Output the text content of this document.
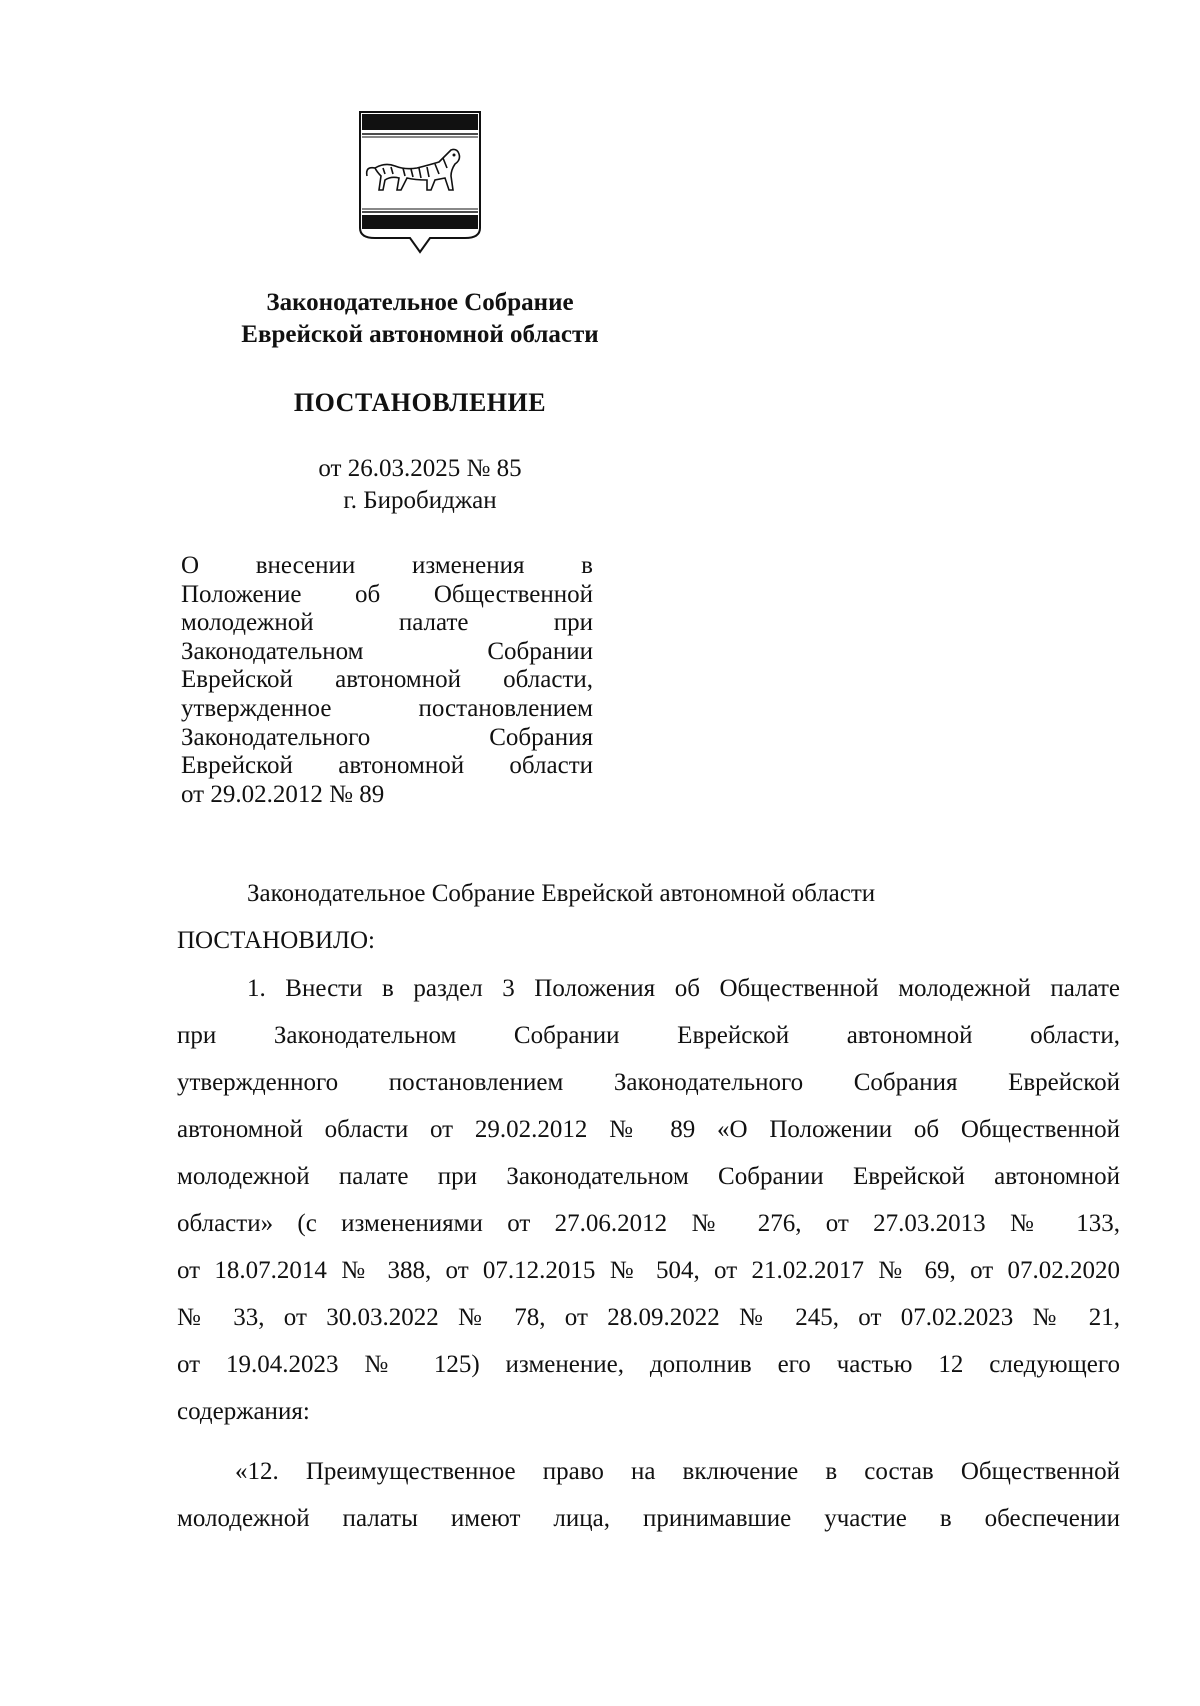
Законодательное Собрание
Еврейской автономной области
ПОСТАНОВЛЕНИЕ
от 26.03.2025 № 85
г. Биробиджан
О внесении изменения в
Положение об Общественной
молодежной палате при
Законодательном Собрании
Еврейской автономной области,
утвержденное постановлением
Законодательного Собрания
Еврейской автономной области
от 29.02.2012 № 89
Законодательное Собрание Еврейской автономной области
ПОСТАНОВИЛО:
1. Внести в раздел 3 Положения об Общественной молодежной палате
при Законодательном Собрании Еврейской автономной области,
утвержденного постановлением Законодательного Собрания Еврейской
автономной области от 29.02.2012 № 89 «О Положении об Общественной
молодежной палате при Законодательном Собрании Еврейской автономной
области» (с изменениями от 27.06.2012 № 276, от 27.03.2013 № 133,
от 18.07.2014 № 388, от 07.12.2015 № 504, от 21.02.2017 № 69, от 07.02.2020
№ 33, от 30.03.2022 № 78, от 28.09.2022 № 245, от 07.02.2023 № 21,
от 19.04.2023 № 125) изменение, дополнив его частью 12 следующего
содержания:
«12. Преимущественное право на включение в состав Общественной
молодежной палаты имеют лица, принимавшие участие в обеспечении
